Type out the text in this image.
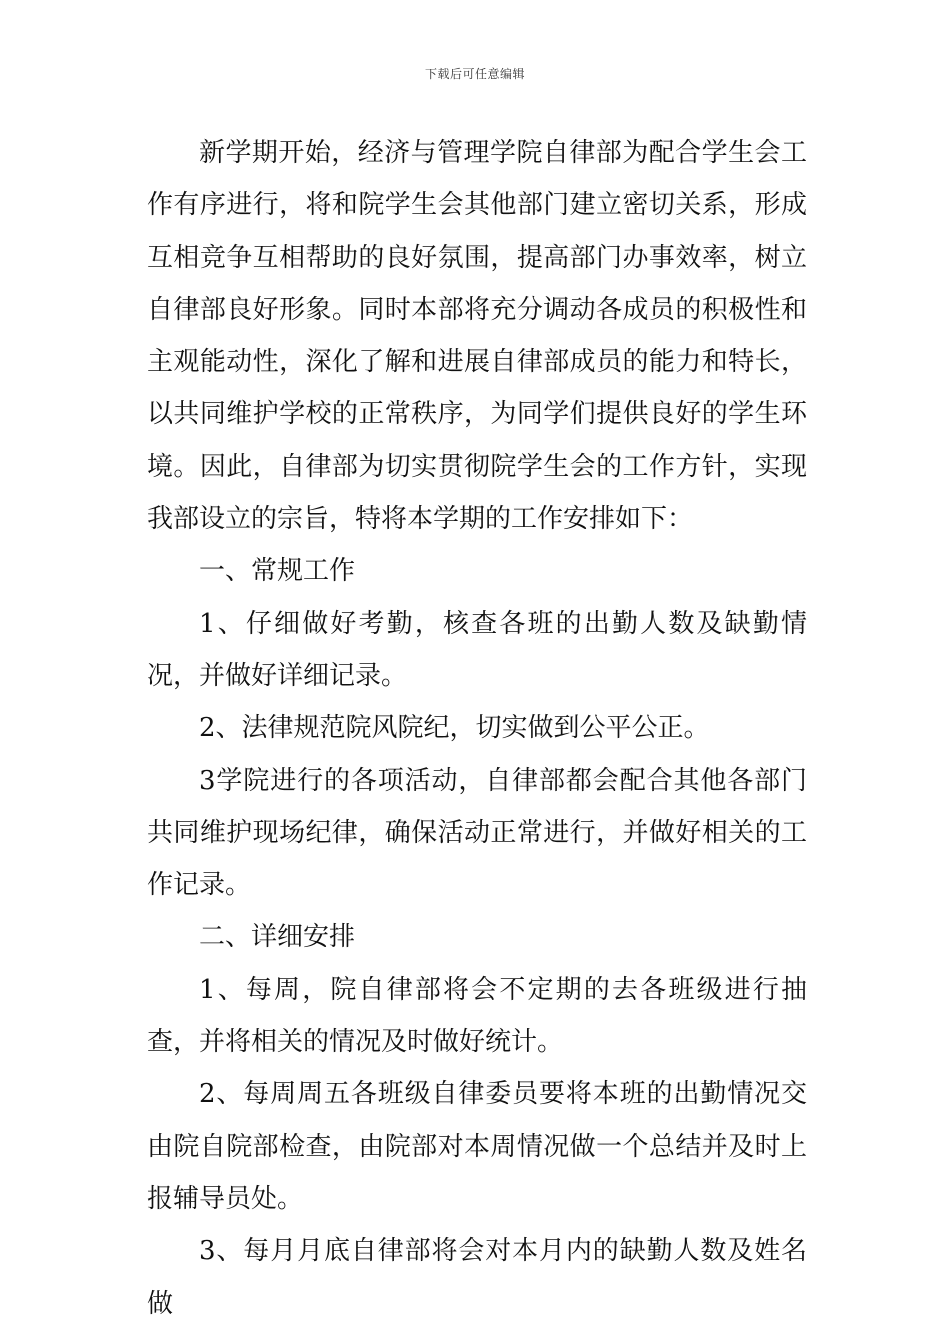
下载后可任意编辑

新学期开始，经济与管理学院自律部为配合学生会工作有序进行，将和院学生会其他部门建立密切关系，形成互相竞争互相帮助的良好氛围，提高部门办事效率，树立自律部良好形象。同时本部将充分调动各成员的积极性和主观能动性，深化了解和进展自律部成员的能力和特长，以共同维护学校的正常秩序，为同学们提供良好的学生环境。因此，自律部为切实贯彻院学生会的工作方针，实现我部设立的宗旨，特将本学期的工作安排如下：

一、常规工作

1、仔细做好考勤，核查各班的出勤人数及缺勤情况，并做好详细记录。

2、法律规范院风院纪，切实做到公平公正。

3学院进行的各项活动，自律部都会配合其他各部门共同维护现场纪律，确保活动正常进行，并做好相关的工作记录。

二、详细安排

1、每周，院自律部将会不定期的去各班级进行抽查，并将相关的情况及时做好统计。

2、每周周五各班级自律委员要将本班的出勤情况交由院自院部检查，由院部对本周情况做一个总结并及时上报辅导员处。

3、每月月底自律部将会对本月内的缺勤人数及姓名做
